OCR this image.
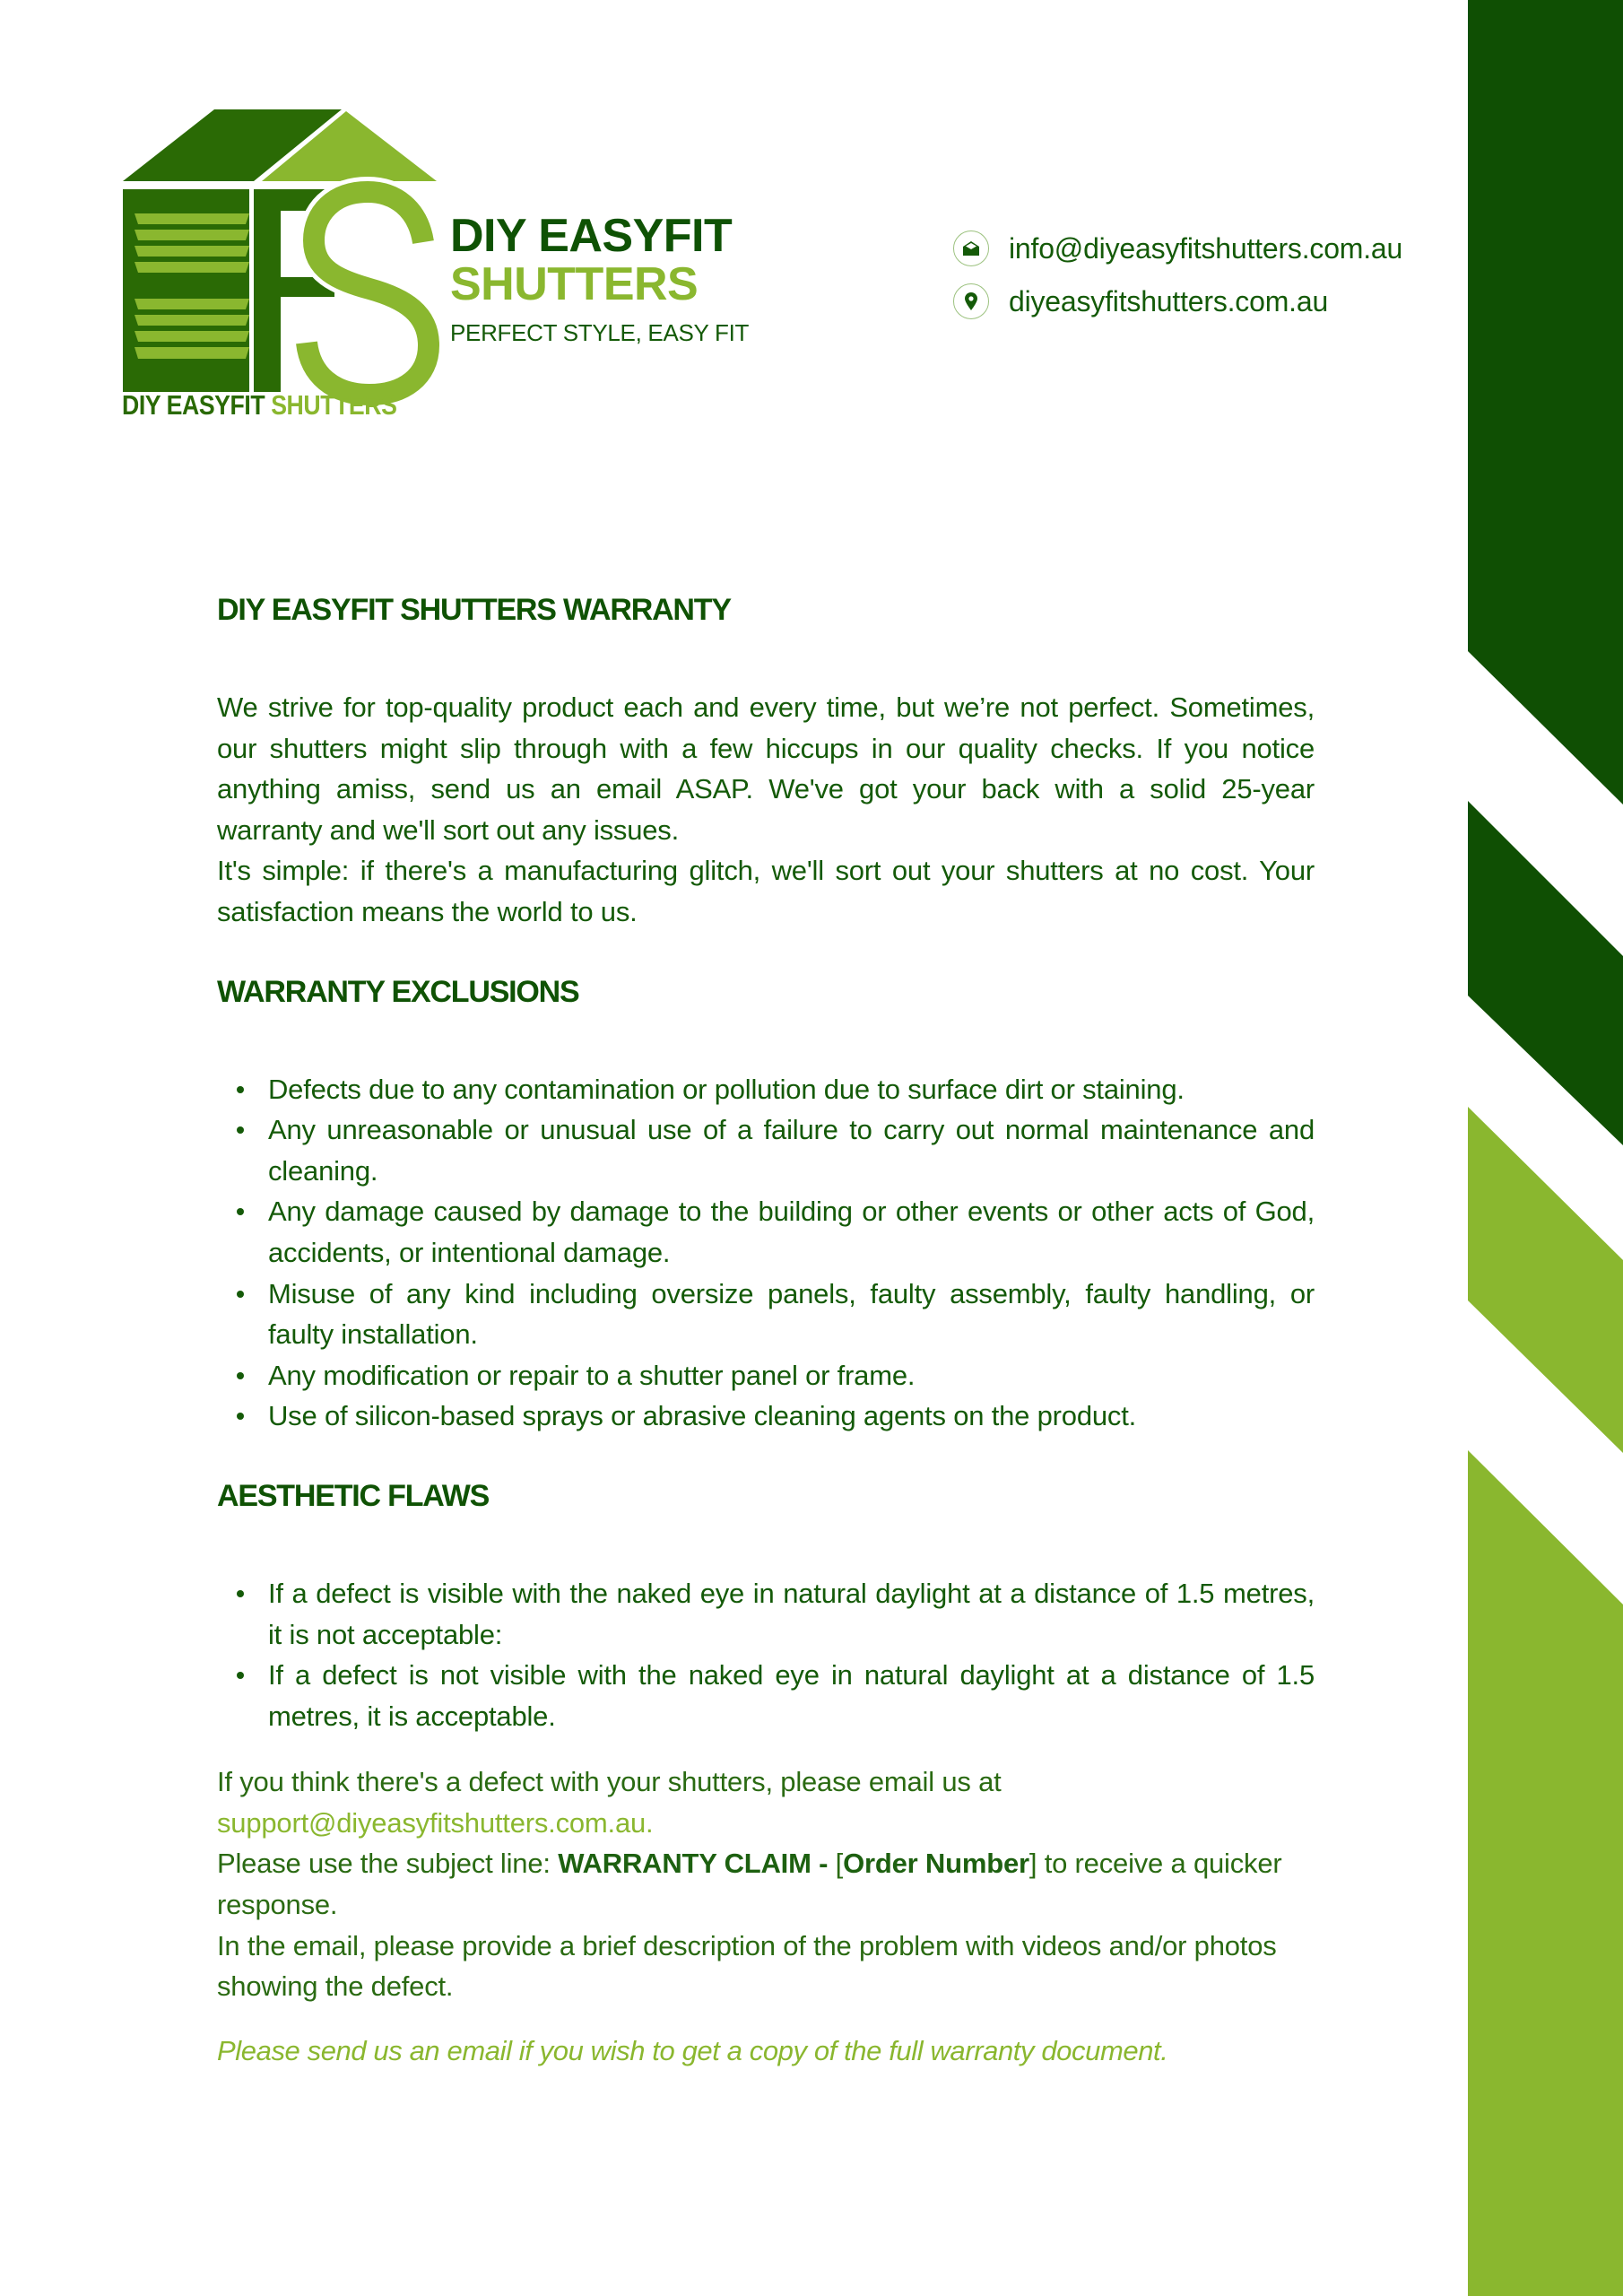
DIY EASYFIT SHUTTERS
DIY EASYFIT
SHUTTERS
PERFECT STYLE, EASY FIT
info@diyeasyfitshutters.com.au
diyeasyfitshutters.com.au
DIY EASYFIT SHUTTERS WARRANTY

We strive for top-quality product each and every time, but we’re not perfect. Sometimes, our shutters might slip through with a few hiccups in our quality checks. If you notice anything amiss, send us an email ASAP. We've got your back with a solid 25-year warranty and we'll sort out any issues.

It's simple: if there's a manufacturing glitch, we'll sort out your shutters at no cost. Your satisfaction means the world to us.

WARRANTY EXCLUSIONS
Defects due to any contamination or pollution due to surface dirt or staining.
Any unreasonable or unusual use of a failure to carry out normal maintenance and cleaning.
Any damage caused by damage to the building or other events or other acts of God, accidents, or intentional damage.
Misuse of any kind including oversize panels, faulty assembly, faulty handling, or faulty installation.
Any modification or repair to a shutter panel or frame.
Use of silicon-based sprays or abrasive cleaning agents on the product.
AESTHETIC FLAWS
If a defect is visible with the naked eye in natural daylight at a distance of 1.5 metres, it is not acceptable:
If a defect is not visible with the naked eye in natural daylight at a distance of 1.5 metres, it is acceptable.

If you think there's a defect with your shutters, please email us at
support@diyeasyfitshutters.com.au.

Please use the subject line: WARRANTY CLAIM - [Order Number] to receive a quicker response.

In the email, please provide a brief description of the problem with videos and/or photos showing the defect.

Please send us an email if you wish to get a copy of the full warranty document.
